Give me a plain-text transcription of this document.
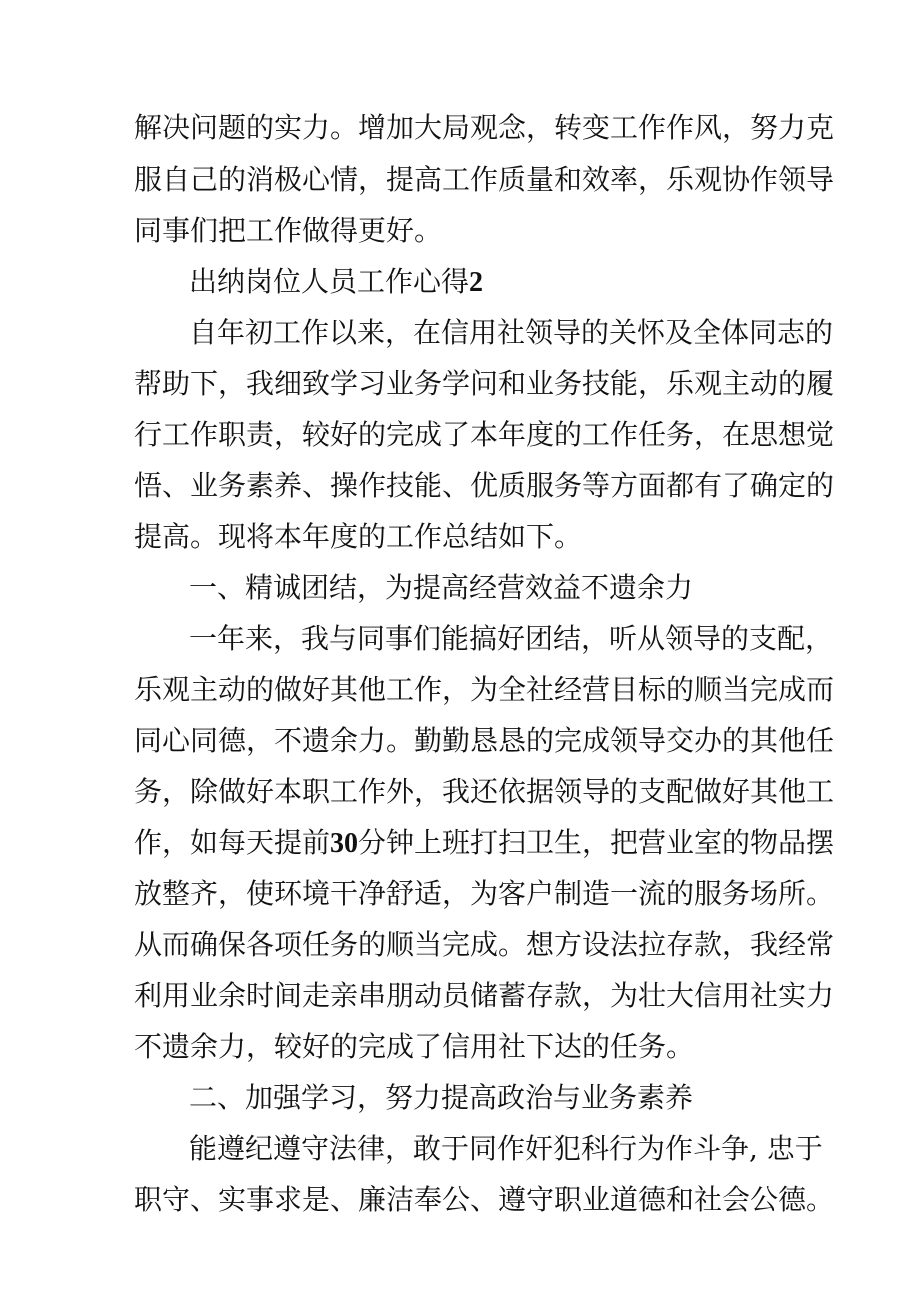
解决问题的实力。增加大局观念，转变工作作风，努力克
服自己的消极心情，提高工作质量和效率，乐观协作领导
同事们把工作做得更好。
出纳岗位人员工作心得2
自年初工作以来，在信用社领导的关怀及全体同志的
帮助下，我细致学习业务学问和业务技能，乐观主动的履
行工作职责，较好的完成了本年度的工作任务，在思想觉
悟、业务素养、操作技能、优质服务等方面都有了确定的
提高。现将本年度的工作总结如下。
一、精诚团结，为提高经营效益不遗余力
一年来，我与同事们能搞好团结，听从领导的支配，
乐观主动的做好其他工作，为全社经营目标的顺当完成而
同心同德，不遗余力。勤勤恳恳的完成领导交办的其他任
务，除做好本职工作外，我还依据领导的支配做好其他工
作，如每天提前30分钟上班打扫卫生，把营业室的物品摆
放整齐，使环境干净舒适，为客户制造一流的服务场所。
从而确保各项任务的顺当完成。想方设法拉存款，我经常
利用业余时间走亲串朋动员储蓄存款，为壮大信用社实力
不遗余力，较好的完成了信用社下达的任务。
二、加强学习，努力提高政治与业务素养
能遵纪遵守法律，敢于同作奸犯科行为作斗争, 忠于
职守、实事求是、廉洁奉公、遵守职业道德和社会公德。
